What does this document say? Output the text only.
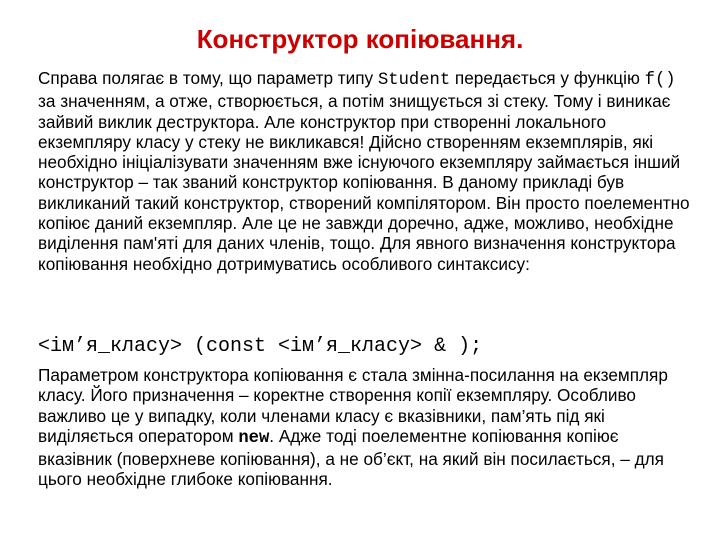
Конструктор копіювання.

Справа полягає в тому, що параметр типу Student передається у функцію f() за значенням, а отже, створюється, а потім знищується зі стеку. Тому і виникає зайвий виклик деструктора. Але конструктор при створенні локального екземпляру класу у стеку не викликався! Дійсно створенням екземплярів, які необхідно ініціалізувати значенням вже існуючого екземпляру займається інший конструктор – так званий конструктор копіювання. В даному прикладі був викликаний такий конструктор, створений компілятором. Він просто поелементно копіює даний екземпляр. Але це не завжди доречно, адже, можливо, необхідне виділення пам'яті для даних членів, тощо. Для явного визначення конструктора копіювання необхідно дотримуватись особливого синтаксису:

<ім’я_класу> (const <ім’я_класу> & );

Параметром конструктора копіювання є стала змінна-посилання на екземпляр класу. Його призначення – коректне створення копії екземпляру. Особливо важливо це у випадку, коли членами класу є вказівники, пам’ять під які виділяється оператором new. Адже тоді поелементне копіювання копіює вказівник (поверхневе копіювання), а не об’єкт, на який він посилається, – для цього необхідне глибоке копіювання.
